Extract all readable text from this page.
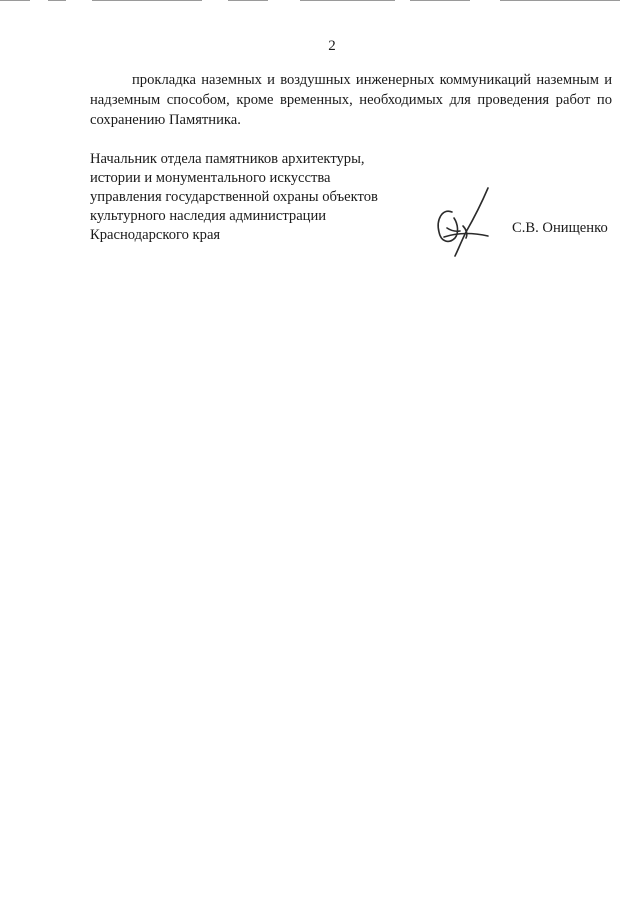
2

прокладка наземных и воздушных инженерных коммуникаций наземным и надземным способом, кроме временных, необходимых для проведения работ по сохранению Памятника.

Начальник отдела памятников архитектуры,
истории и монументального искусства
управления государственной охраны объектов
культурного наследия администрации
Краснодарского края	С.В. Онищенко
